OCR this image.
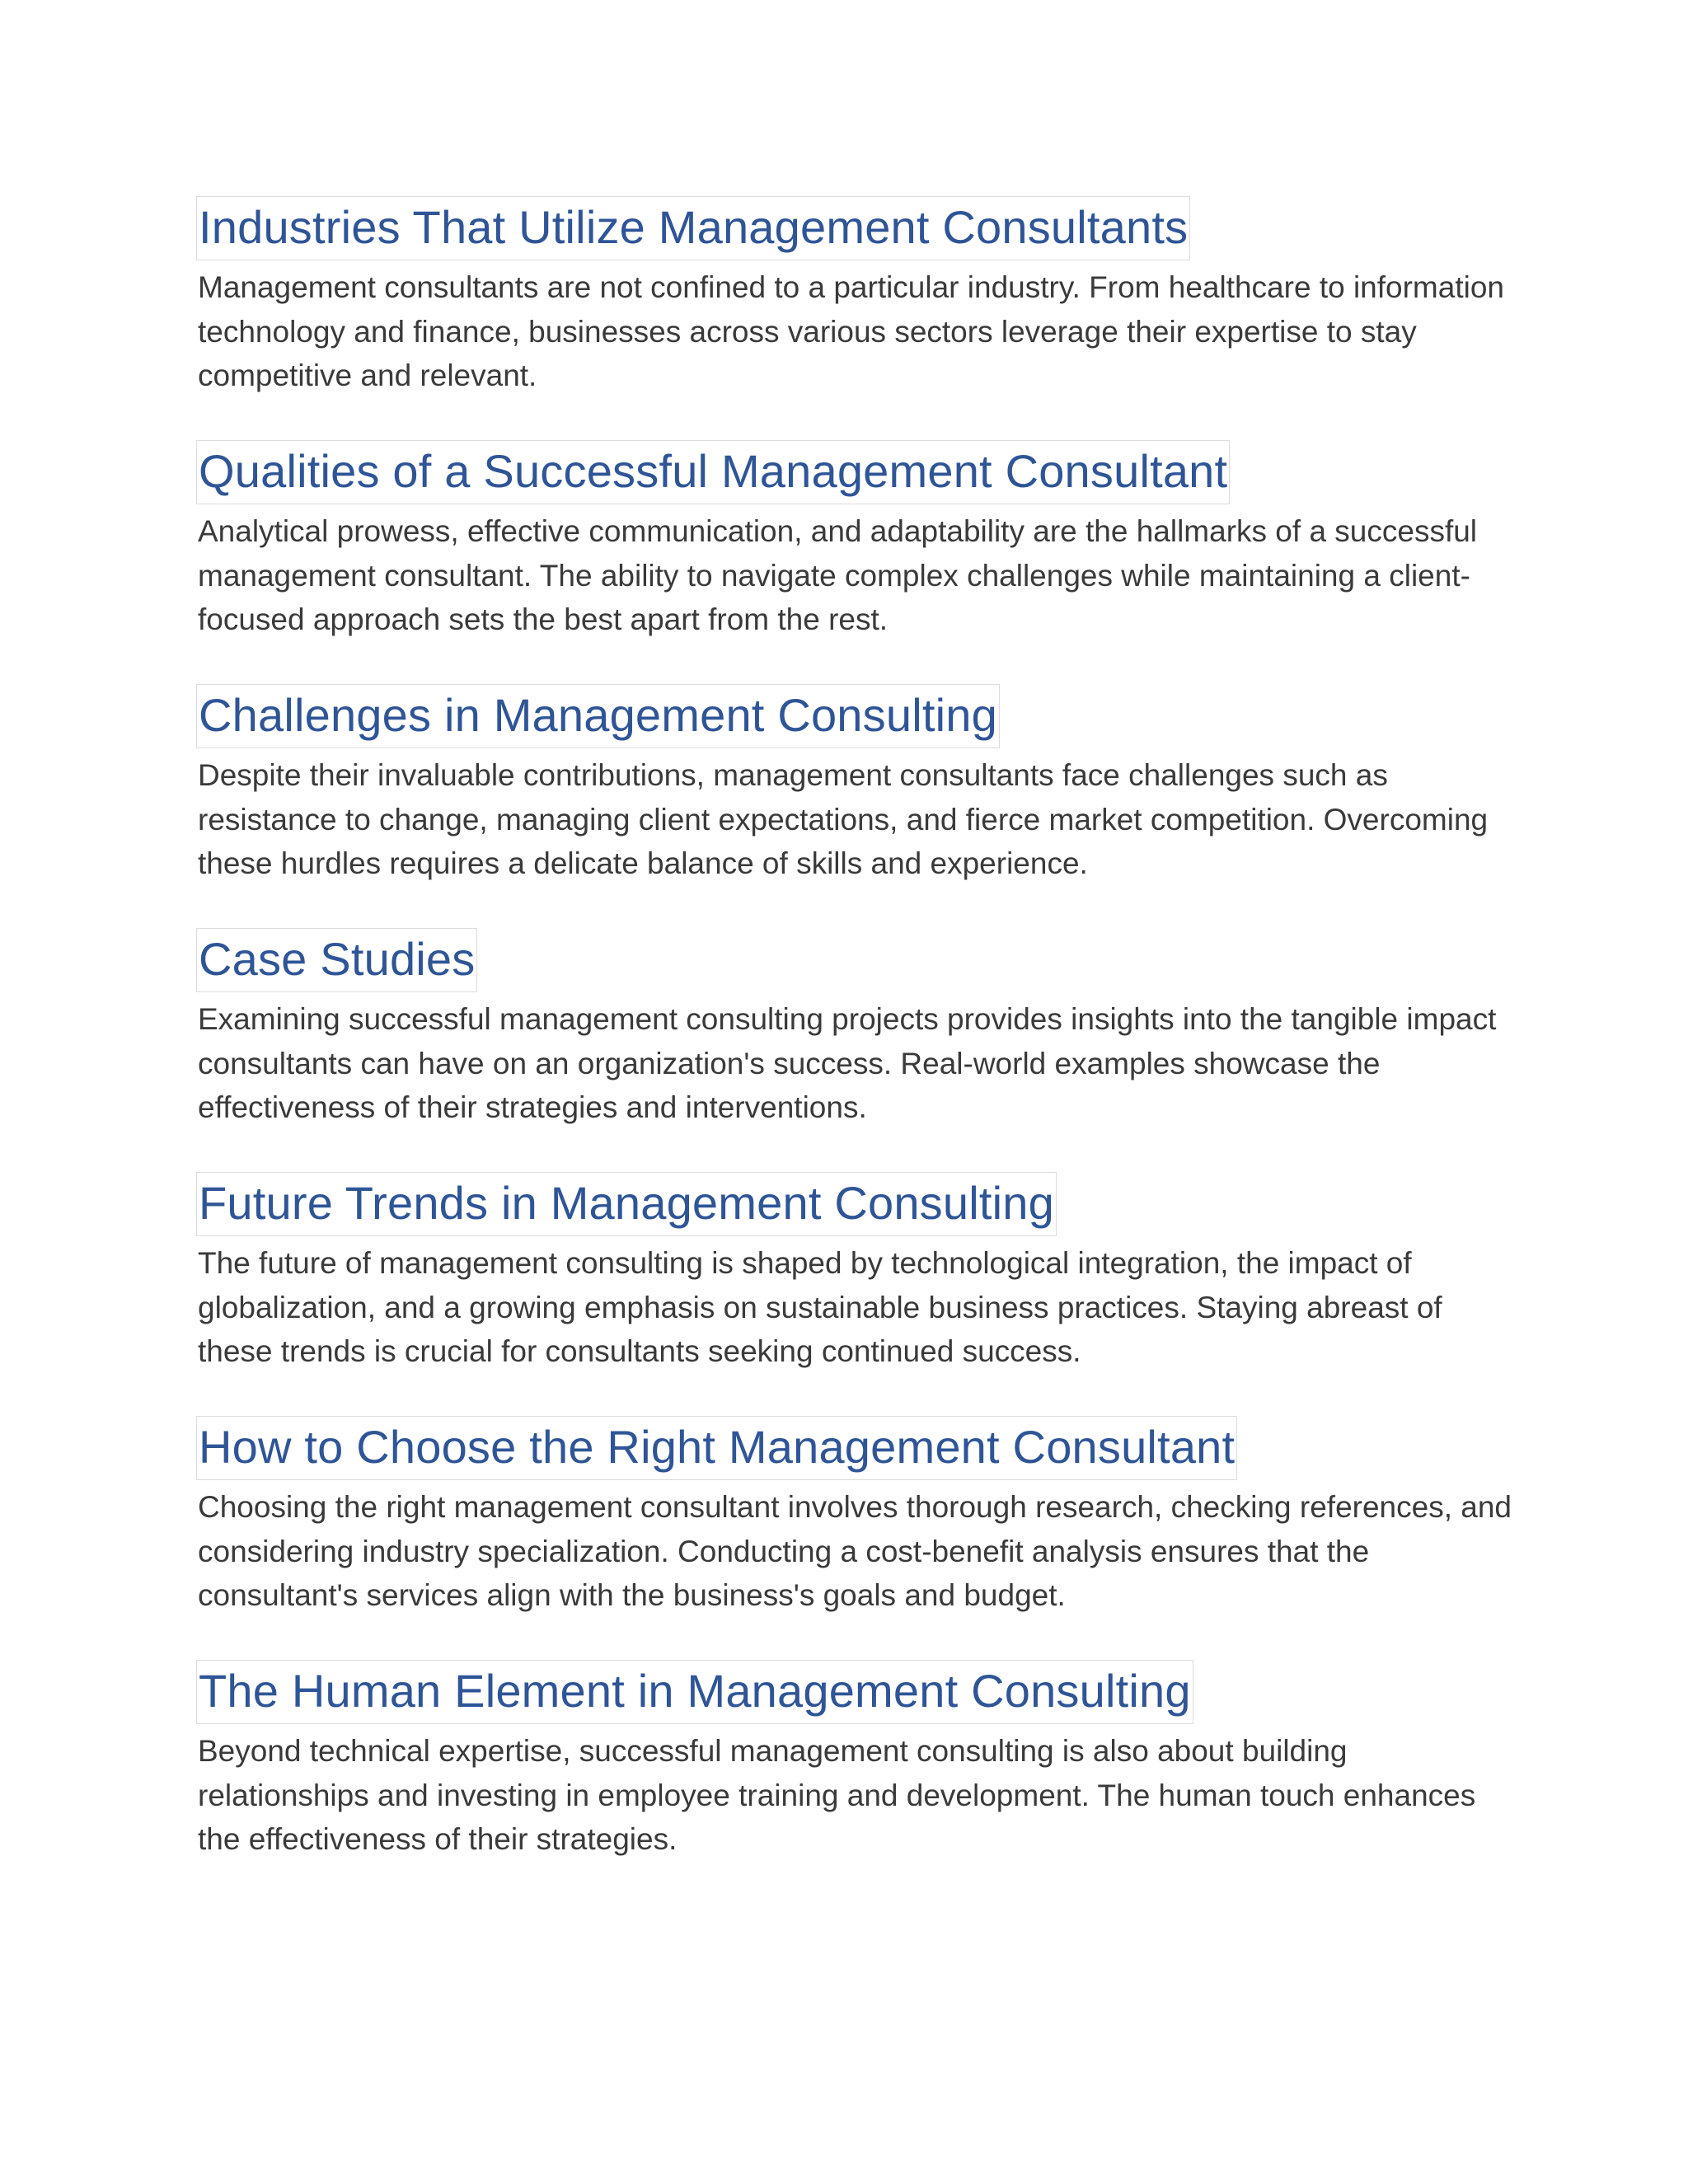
Industries That Utilize Management Consultants
Management consultants are not confined to a particular industry. From healthcare to information technology and finance, businesses across various sectors leverage their expertise to stay competitive and relevant.
Qualities of a Successful Management Consultant
Analytical prowess, effective communication, and adaptability are the hallmarks of a successful management consultant. The ability to navigate complex challenges while maintaining a client-focused approach sets the best apart from the rest.
Challenges in Management Consulting
Despite their invaluable contributions, management consultants face challenges such as resistance to change, managing client expectations, and fierce market competition. Overcoming these hurdles requires a delicate balance of skills and experience.
Case Studies
Examining successful management consulting projects provides insights into the tangible impact consultants can have on an organization's success. Real-world examples showcase the effectiveness of their strategies and interventions.
Future Trends in Management Consulting
The future of management consulting is shaped by technological integration, the impact of globalization, and a growing emphasis on sustainable business practices. Staying abreast of these trends is crucial for consultants seeking continued success.
How to Choose the Right Management Consultant
Choosing the right management consultant involves thorough research, checking references, and considering industry specialization. Conducting a cost-benefit analysis ensures that the consultant's services align with the business's goals and budget.
The Human Element in Management Consulting
Beyond technical expertise, successful management consulting is also about building relationships and investing in employee training and development. The human touch enhances the effectiveness of their strategies.
